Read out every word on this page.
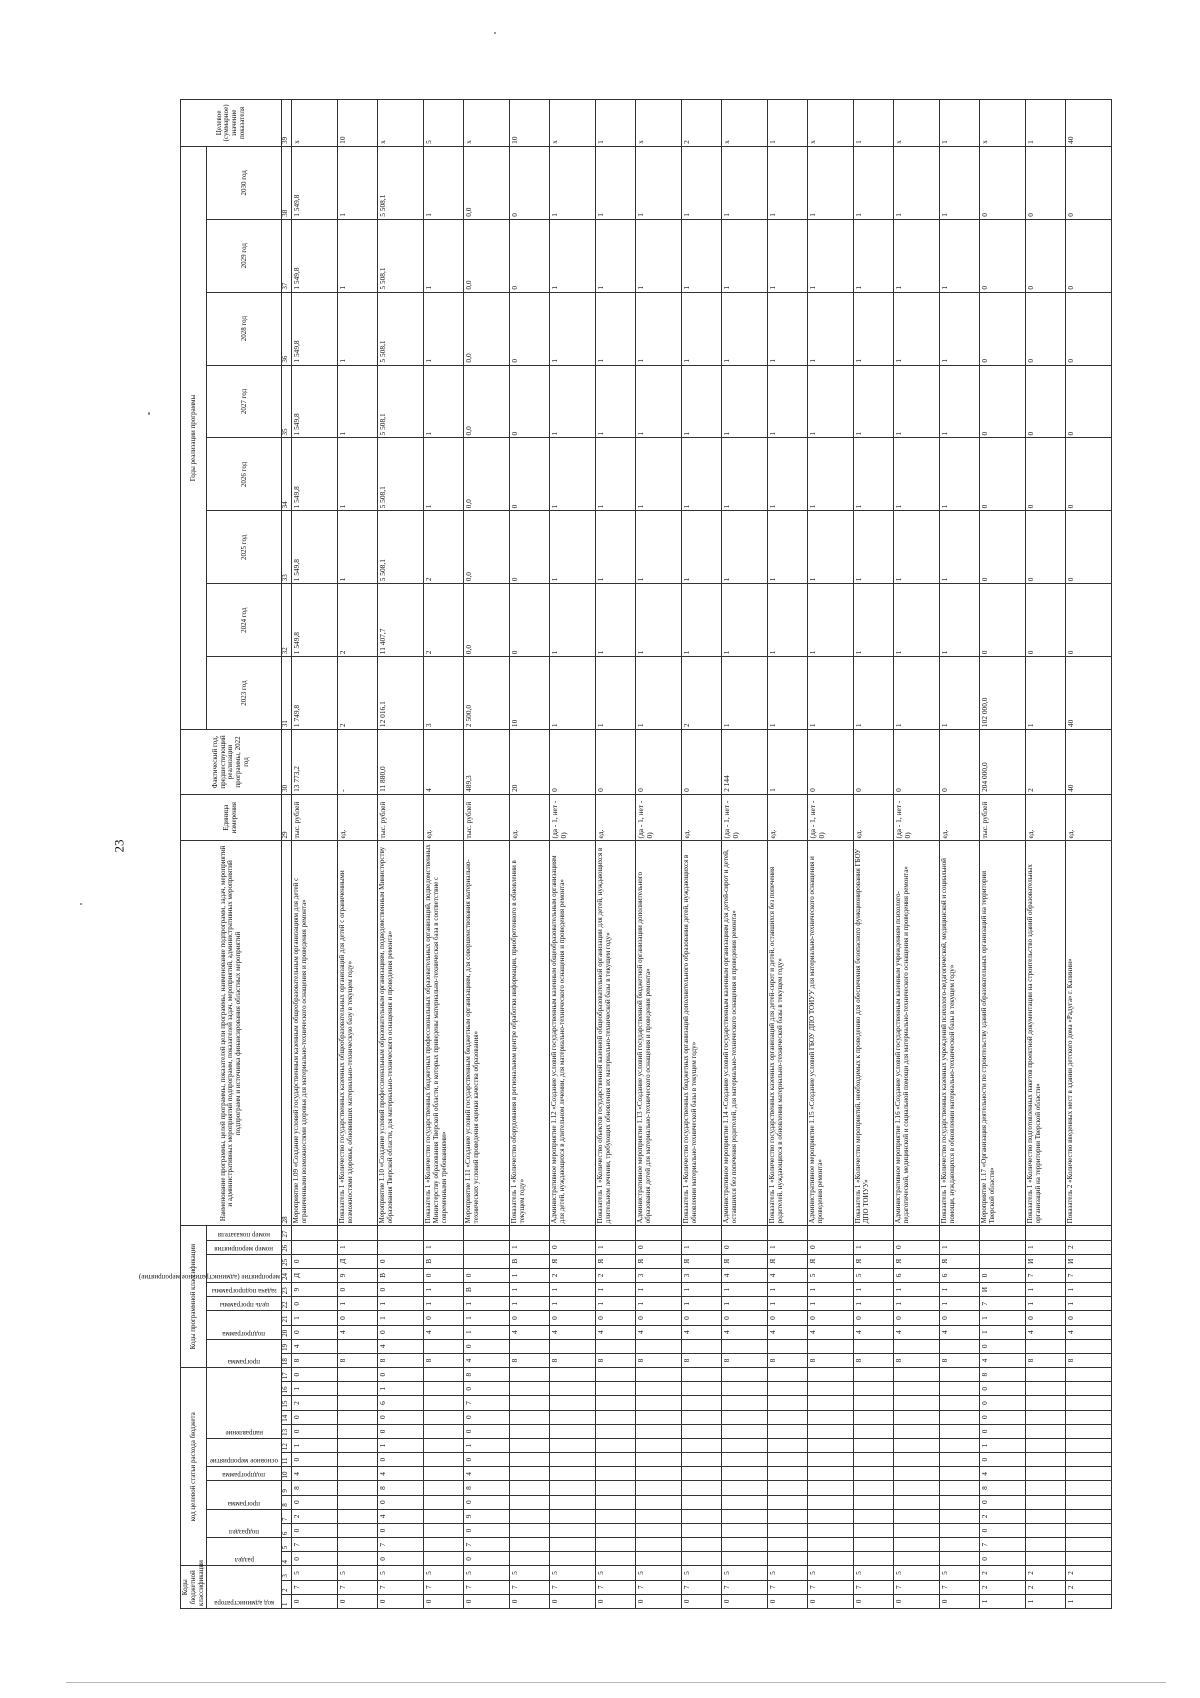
23
Коды бюджетной классификации			код целевой статьи расхода бюджета														Коды программной классификации										Наименование программы, целей программы, показателей цели программы, наименование подпрограмм, задач, мероприятий и административных мероприятий подпрограмм, показателей задач, мероприятий, административных мероприятий подпрограмм и источника финансирования областных мероприятий	Единица измерения	Фактический год, предшествующий реализации программы, 2022 год	Годы реализации программы								Целевое (суммарное) значение показателя

код администратора			раздел		подраздел		программа		подпрограмма	основное мероприятие		направление					программа		подпрограмма		цель программы	задача подпрограммы	мероприятие (административное мероприятие)		номер мероприятия	номер показателя				2023 год	2024 год	2025 год	2026 год	2027 год	2028 год	2029 год	2030 год	
1	2	3	4	5	6	7	8	9	10	11	12	13	14	15	16	17	18	19	20	21	22	23	24	25	26	27	28	29	30	31	32	33	34	35	36	37	38	39
0	7	5	0	7	0	2	0	8	4	0	1	0	0	2	1	0	8	4	0	1	0	9	Д	0			Мероприятие 1.09 «Создание условий государственным казенным общеобразовательным организациям для детей с ограниченными возможностями здоровья для материально-технического оснащения и проведения ремонта»	тыс. рублей	13 773,2	1 749,8	1 549,8	1 549,8	1 549,8	1 549,8	1 549,8	1 549,8	1 549,8	х
0	7	5															8		4	0	1	0	9	Д	1		Показатель 1 «Количество государственных казенных общеобразовательных организаций для детей с ограниченными возможностями здоровья, обновивших материально-техническую базу в текущем году»	ед.	-	2	2	1	1	1	1	1	1	10
0	7	5	0	7	0	4	0	8	4	0	1	0	0	6	1	0	8	4	0	1	1	0	В	0			Мероприятие 1.10 «Создание условий профессиональным образовательным организациям, подведомственным Министерству образования Тверской области, для материально-технического оснащения и проведения ремонта»	тыс. рублей	11 880,0	12 016,1	11 407,7	5 508,1	5 508,1	5 508,1	5 508,1	5 508,1	5 508,1	х
0	7	5															8		4	0	1	1	0	В	1		Показатель 1 «Количество государственных бюджетных профессиональных образовательных организаций, подведомственных Министерству образования Тверской области, в которых приведены материально-техническая база в соответствие с современными требованиями»	ед.	4	3	2	2	1	1	1	1	1	5
0	7	5	0	7	0	9	0	8	4	0	1	0	0	7	0	8	4	0	1	1	1	В	0				Мероприятие 1.11 «Создание условий государственным бюджетным организациям, для совершенствования материально-технических условий проведения оценки качества образования»	тыс. рублей	489,3	2 500,0	0,0	0,0	0,0	0,0	0,0	0,0	0,0	х
0	7	5															8		4	0	1	1	1	В	1		Показатель 1 «Количество оборудования в региональном центре обработки информации, приобретенного в обновлении в текущем году»	ед.	20	10	0	0	0	0	0	0	0	10
0	7	5															8		4	0	1	1	2	Я	0		Административное мероприятие 1.12 «Создание условий государственным казенным общеобразовательным организациям для детей, нуждающихся в длительном лечении, для материально-технического оснащения и проведения ремонта»	(да - 1, нет - 0)	0	1	1	1	1	1	1	1	1	х
0	7	5															8		4	0	1	1	2	Я	1		Показатель 1 «Количество объектов государственной казенной общеобразовательной организации для детей, нуждающихся в длительном лечении, требующих обновления их материально-технической базы в текущем году»	ед.	0	1	1	1	1	1	1	1	1	1
0	7	5															8		4	0	1	1	3	Я	0		Административное мероприятие 1.13 «Создание условий государственной бюджетной организации дополнительного образования детей для материально-технического оснащения и проведения ремонта»	(да - 1, нет - 0)	0	1	1	1	1	1	1	1	1	х
0	7	5															8		4	0	1	1	3	Я	1		Показатель 1 «Количество государственных бюджетных организаций дополнительного образования детей, нуждающихся в обновлении материально-технической базы в текущем году»	ед.	0	2	1	1	1	1	1	1	1	2
0	7	5															8		4	0	1	1	4	Я	0		Административное мероприятие 1.14 «Создание условий государственным казенным организациям для детей-сирот и детей, оставшихся без попечения родителей, для материально-технического оснащения и проведения ремонта»	(да - 1, нет - 0)	2 144	1	1	1	1	1	1	1	1	х
0	7	5															8		4	0	1	1	4	Я	1		Показатель 1 «Количество государственных казенных организаций для детей-сирот и детей, оставшихся без попечения родителей, нуждающихся в обновлении материально-технической базы в текущем году»	ед.	1	1	1	1	1	1	1	1	1	1
0	7	5															8		4	0	1	1	5	Я	0		Административное мероприятие 1.15 «Создание условий ГБОУ ДПО ТОИУУ для материально-технического оснащения и проведения ремонта»	(да - 1, нет - 0)	0	1	1	1	1	1	1	1	1	х
0	7	5															8		4	0	1	1	5	Я	1		Показатель 1 «Количество мероприятий, необходимых к проведению для обеспечения безопасного функционирования ГБОУ ДПО ТОИУУ»	ед.	0	1	1	1	1	1	1	1	1	1
0	7	5															8		4	0	1	1	6	Я	0		Административное мероприятие 1.16 «Создание условий государственным казенным учреждениям психолого-педагогической, медицинской и социальной помощи для материально-технического оснащения и проведения ремонта»	(да - 1, нет - 0)	0	1	1	1	1	1	1	1	1	х
0	7	5															8		4	0	1	1	6	Я	1		Показатель 1 «Количество государственных казенных учреждений психолого-педагогической, медицинской и социальной помощи, нуждающихся в обновлении материально-технической базы в текущем году»	ед.	0	1	1	1	1	1	1	1	1	1
1	2	2	0	7	0	2	0	8	4	0	1	0	0	0	0	8	4	0	1	1	7	И	0				Мероприятие 1.17 «Организация деятельности по строительству зданий образовательных организаций на территории Тверской области»	тыс. рублей	204 000,0	102 000,0	0	0	0	0	0	0	0	х
1	2	2															8		4	0	1	1	7	И	1		Показатель 1 «Количество подготовленных пакетов проектной документации на строительство зданий образовательных организаций на территории Тверской области»	ед.	2	1	0	0	0	0	0	0	0	1
1	2	2															8		4	0	1	1	7	И	2		Показатель 2 «Количество введенных мест в здании детского дома «Радуга» г. Калинин»	ед.	40	40	0	0	0	0	0	0	0	40
